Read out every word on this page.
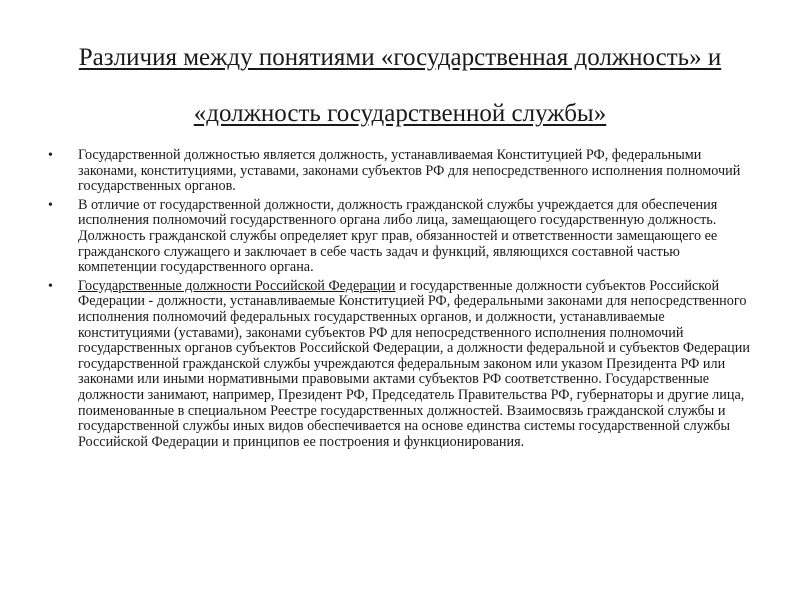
Различия между понятиями «государственная должность» и
«должность государственной службы»
•	Государственной должностью является должность, устанавливаемая Конституцией РФ, федеральными законами, конституциями, уставами, законами субъектов РФ для непосредственного исполнения полномочий государственных органов.
•	В отличие от государственной должности, должность гражданской службы учреждается для обеспечения исполнения полномочий государственного органа либо лица, замещающего государственную должность. Должность гражданской службы определяет круг прав, обязанностей и ответственности замещающего ее гражданского служащего и заключает в себе часть задач и функций, являющихся составной частью компетенции государственного органа.
•	Государственные должности Российской Федерации и государственные должности субъектов Российской Федерации - должности, устанавливаемые Конституцией РФ, федеральными законами для непосредственного исполнения полномочий федеральных государственных органов, и должности, устанавливаемые конституциями (уставами), законами субъектов РФ для непосредственного исполнения полномочий государственных органов субъектов Российской Федерации, а должности федеральной и субъектов Федерации государственной гражданской службы учреждаются федеральным законом или указом Президента РФ или законами или иными нормативными правовыми актами субъектов РФ соответственно. Государственные должности занимают, например, Президент РФ, Председатель Правительства РФ, губернаторы и другие лица, поименованные в специальном Реестре государственных должностей. Взаимосвязь гражданской службы и государственной службы иных видов обеспечивается на основе единства системы государственной службы Российской Федерации и принципов ее построения и функционирования.
